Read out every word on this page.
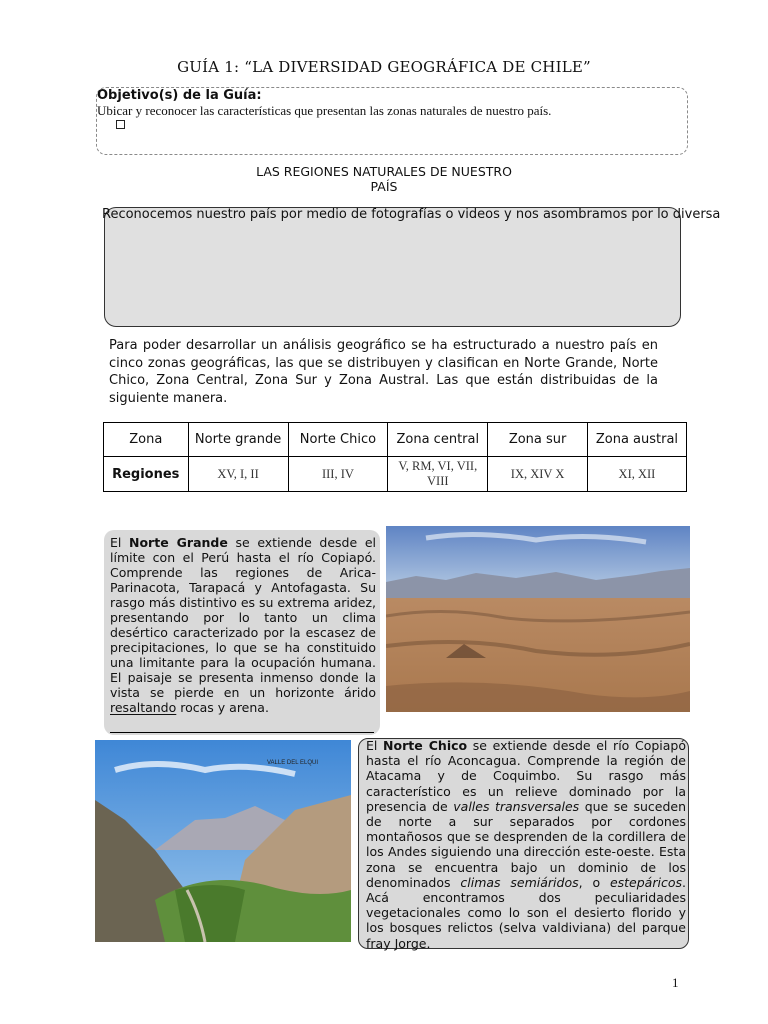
GUÍA 1: “LA DIVERSIDAD GEOGRÁFICA DE CHILE”
Objetivo(s) de la Guía:
Ubicar y reconocer las características que presentan las zonas naturales de nuestro país.
LAS REGIONES NATURALES DE NUESTRO
PAÍS
Reconocemos nuestro país por medio de fotografías o videos y nos asombramos por lo diversa
Para poder desarrollar un análisis geográfico se ha estructurado a nuestro país en cinco zonas geográficas, las que se distribuyen y clasifican en Norte Grande, Norte Chico, Zona Central, Zona Sur y Zona Austral. Las que están distribuidas de la siguiente manera.
Zona	Norte grande	Norte Chico	Zona central	Zona sur	Zona austral
Regiones	XV, I, II	III, IV	V, RM, VI, VII, VIII	IX, XIV X	XI, XII
El Norte Grande se extiende desde el límite con el Perú hasta el río Copiapó. Comprende las regiones de Arica-Parinacota, Tarapacá y Antofagasta. Su rasgo más distintivo es su extrema aridez, presentando por lo tanto un clima desértico caracterizado por la escasez de precipitaciones, lo que se ha constituido una limitante para la ocupación humana. El paisaje se presenta inmenso donde la vista se pierde en un horizonte árido resaltando rocas y arena.
VALLE DEL ELQUI
El Norte Chico se extiende desde el río Copiapó hasta el río Aconcagua. Comprende la región de Atacama y de Coquimbo. Su rasgo más característico es un relieve dominado por la presencia de valles transversales que se suceden de norte a sur separados por cordones montañosos que se desprenden de la cordillera de los Andes siguiendo una dirección este-oeste. Esta zona se encuentra bajo un dominio de los denominados climas semiáridos, o estepáricos. Acá encontramos dos peculiaridades vegetacionales como lo son el desierto florido y los bosques relictos (selva valdiviana) del parque fray Jorge.
1
